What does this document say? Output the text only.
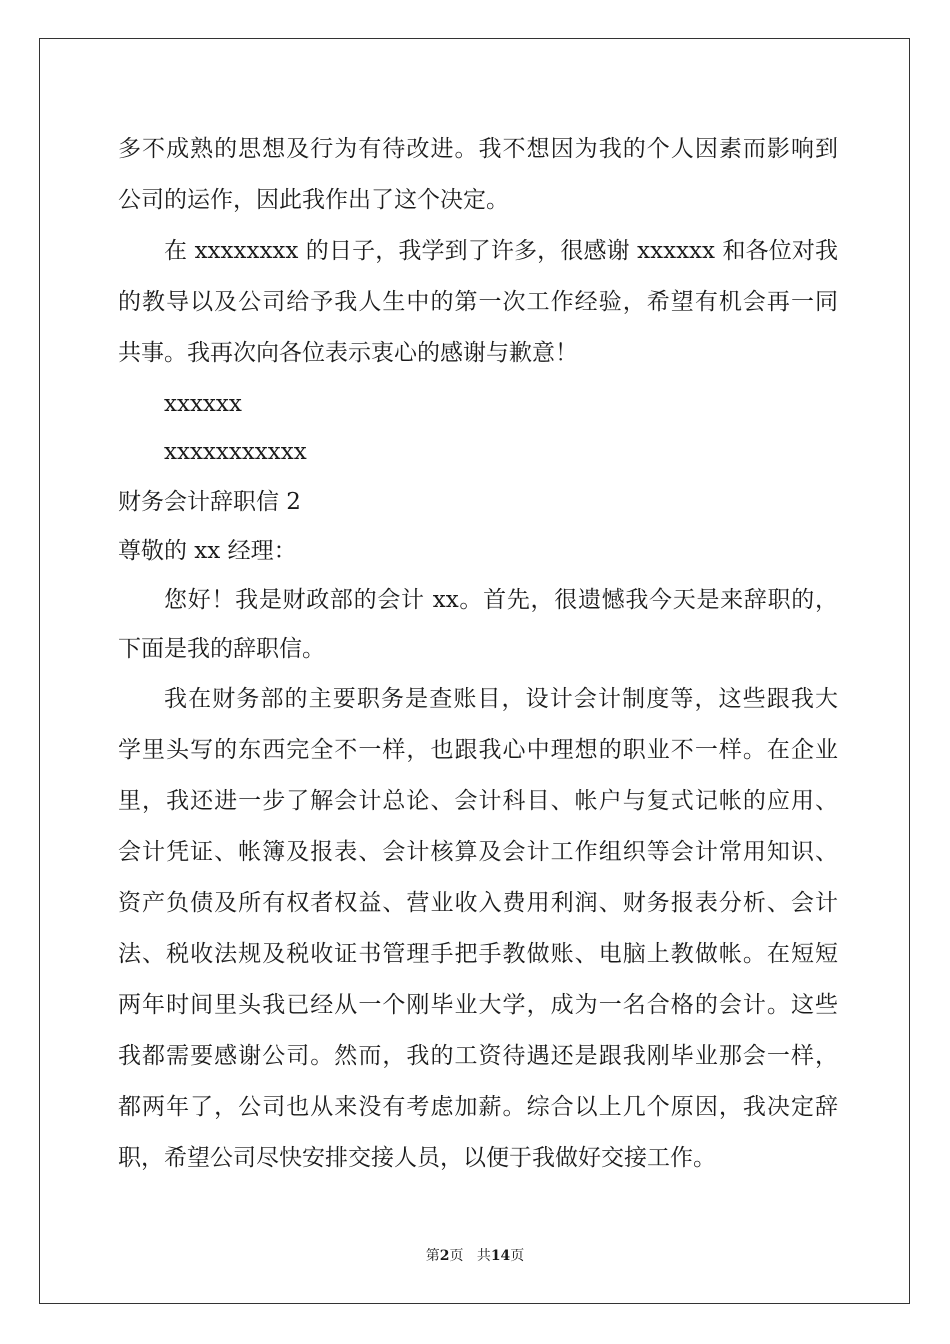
多不成熟的思想及行为有待改进。我不想因为我的个人因素而影响到
公司的运作，因此我作出了这个决定。
在 xxxxxxxx 的日子，我学到了许多，很感谢 xxxxxx 和各位对我
的教导以及公司给予我人生中的第一次工作经验，希望有机会再一同
共事。我再次向各位表示衷心的感谢与歉意！
xxxxxx
xxxxxxxxxxx
财务会计辞职信 2
尊敬的 xx 经理：
您好！我是财政部的会计 xx。首先，很遗憾我今天是来辞职的，
下面是我的辞职信。
我在财务部的主要职务是查账目，设计会计制度等，这些跟我大
学里头写的东西完全不一样，也跟我心中理想的职业不一样。在企业
里，我还进一步了解会计总论、会计科目、帐户与复式记帐的应用、
会计凭证、帐簿及报表、会计核算及会计工作组织等会计常用知识、
资产负债及所有权者权益、营业收入费用利润、财务报表分析、会计
法、税收法规及税收证书管理手把手教做账、电脑上教做帐。在短短
两年时间里头我已经从一个刚毕业大学，成为一名合格的会计。这些
我都需要感谢公司。然而，我的工资待遇还是跟我刚毕业那会一样，
都两年了，公司也从来没有考虑加薪。综合以上几个原因，我决定辞
职，希望公司尽快安排交接人员，以便于我做好交接工作。
第2页 共14页
